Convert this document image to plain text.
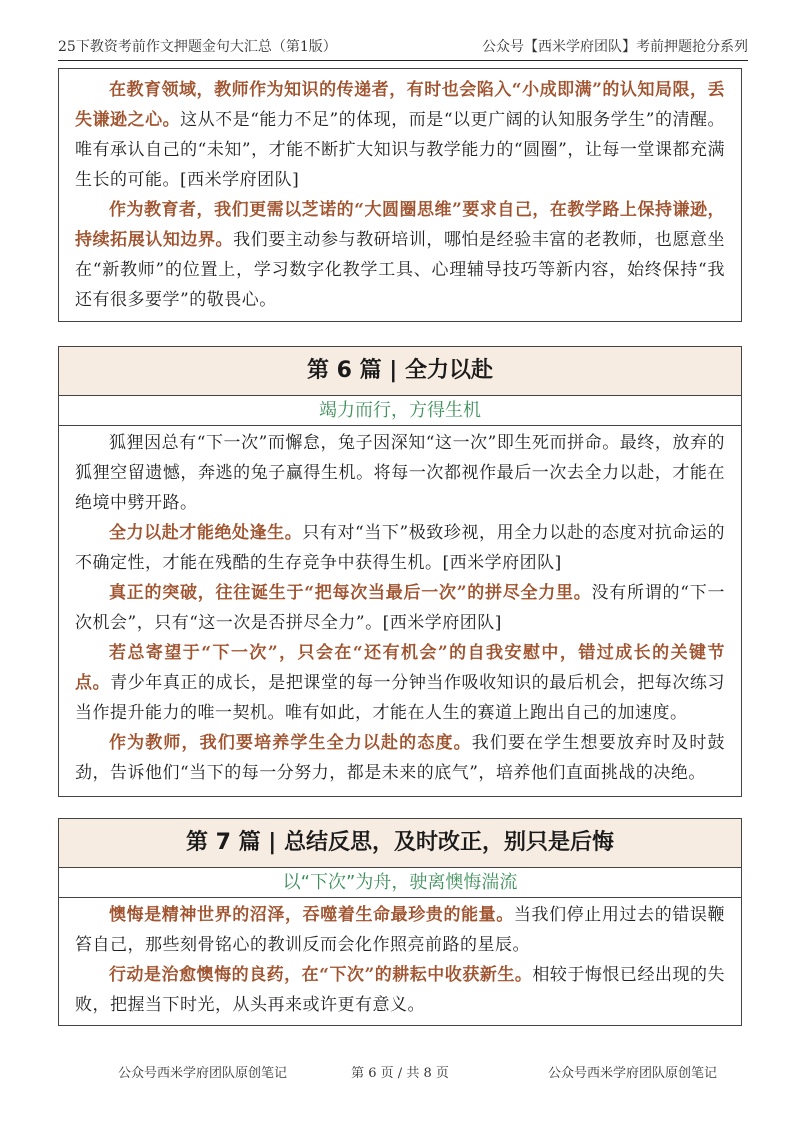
25下教资考前作文押题金句大汇总（第1版）	公众号【西米学府团队】考前押题抢分系列

在教育领域，教师作为知识的传递者，有时也会陷入“小成即满”的认知局限，丢失谦逊之心。这从不是“能力不足”的体现，而是“以更广阔的认知服务学生”的清醒。唯有承认自己的“未知”，才能不断扩大知识与教学能力的“圆圈”，让每一堂课都充满生长的可能。[西米学府团队]

作为教育者，我们更需以芝诺的“大圆圈思维”要求自己，在教学路上保持谦逊，持续拓展认知边界。我们要主动参与教研培训，哪怕是经验丰富的老教师，也愿意坐在“新教师”的位置上，学习数字化教学工具、心理辅导技巧等新内容，始终保持“我还有很多要学”的敬畏心。

第 6 篇 | 全力以赴
竭力而行，方得生机

狐狸因总有“下一次”而懈怠，兔子因深知“这一次”即生死而拼命。最终，放弃的狐狸空留遗憾，奔逃的兔子赢得生机。将每一次都视作最后一次去全力以赴，才能在绝境中劈开路。

全力以赴才能绝处逢生。只有对“当下”极致珍视，用全力以赴的态度对抗命运的不确定性，才能在残酷的生存竞争中获得生机。[西米学府团队]

真正的突破，往往诞生于“把每次当最后一次”的拼尽全力里。没有所谓的“下一次机会”，只有“这一次是否拼尽全力”。[西米学府团队]

若总寄望于“下一次”，只会在“还有机会”的自我安慰中，错过成长的关键节点。青少年真正的成长，是把课堂的每一分钟当作吸收知识的最后机会，把每次练习当作提升能力的唯一契机。唯有如此，才能在人生的赛道上跑出自己的加速度。

作为教师，我们要培养学生全力以赴的态度。我们要在学生想要放弃时及时鼓劲，告诉他们“当下的每一分努力，都是未来的底气”，培养他们直面挑战的决绝。

第 7 篇 | 总结反思，及时改正，别只是后悔
以“下次”为舟，驶离懊悔湍流

懊悔是精神世界的沼泽，吞噬着生命最珍贵的能量。当我们停止用过去的错误鞭笞自己，那些刻骨铭心的教训反而会化作照亮前路的星辰。

行动是治愈懊悔的良药，在“下次”的耕耘中收获新生。相较于悔恨已经出现的失败，把握当下时光，从头再来或许更有意义。

公众号西米学府团队原创笔记	第 6 页 / 共 8 页	公众号西米学府团队原创笔记
